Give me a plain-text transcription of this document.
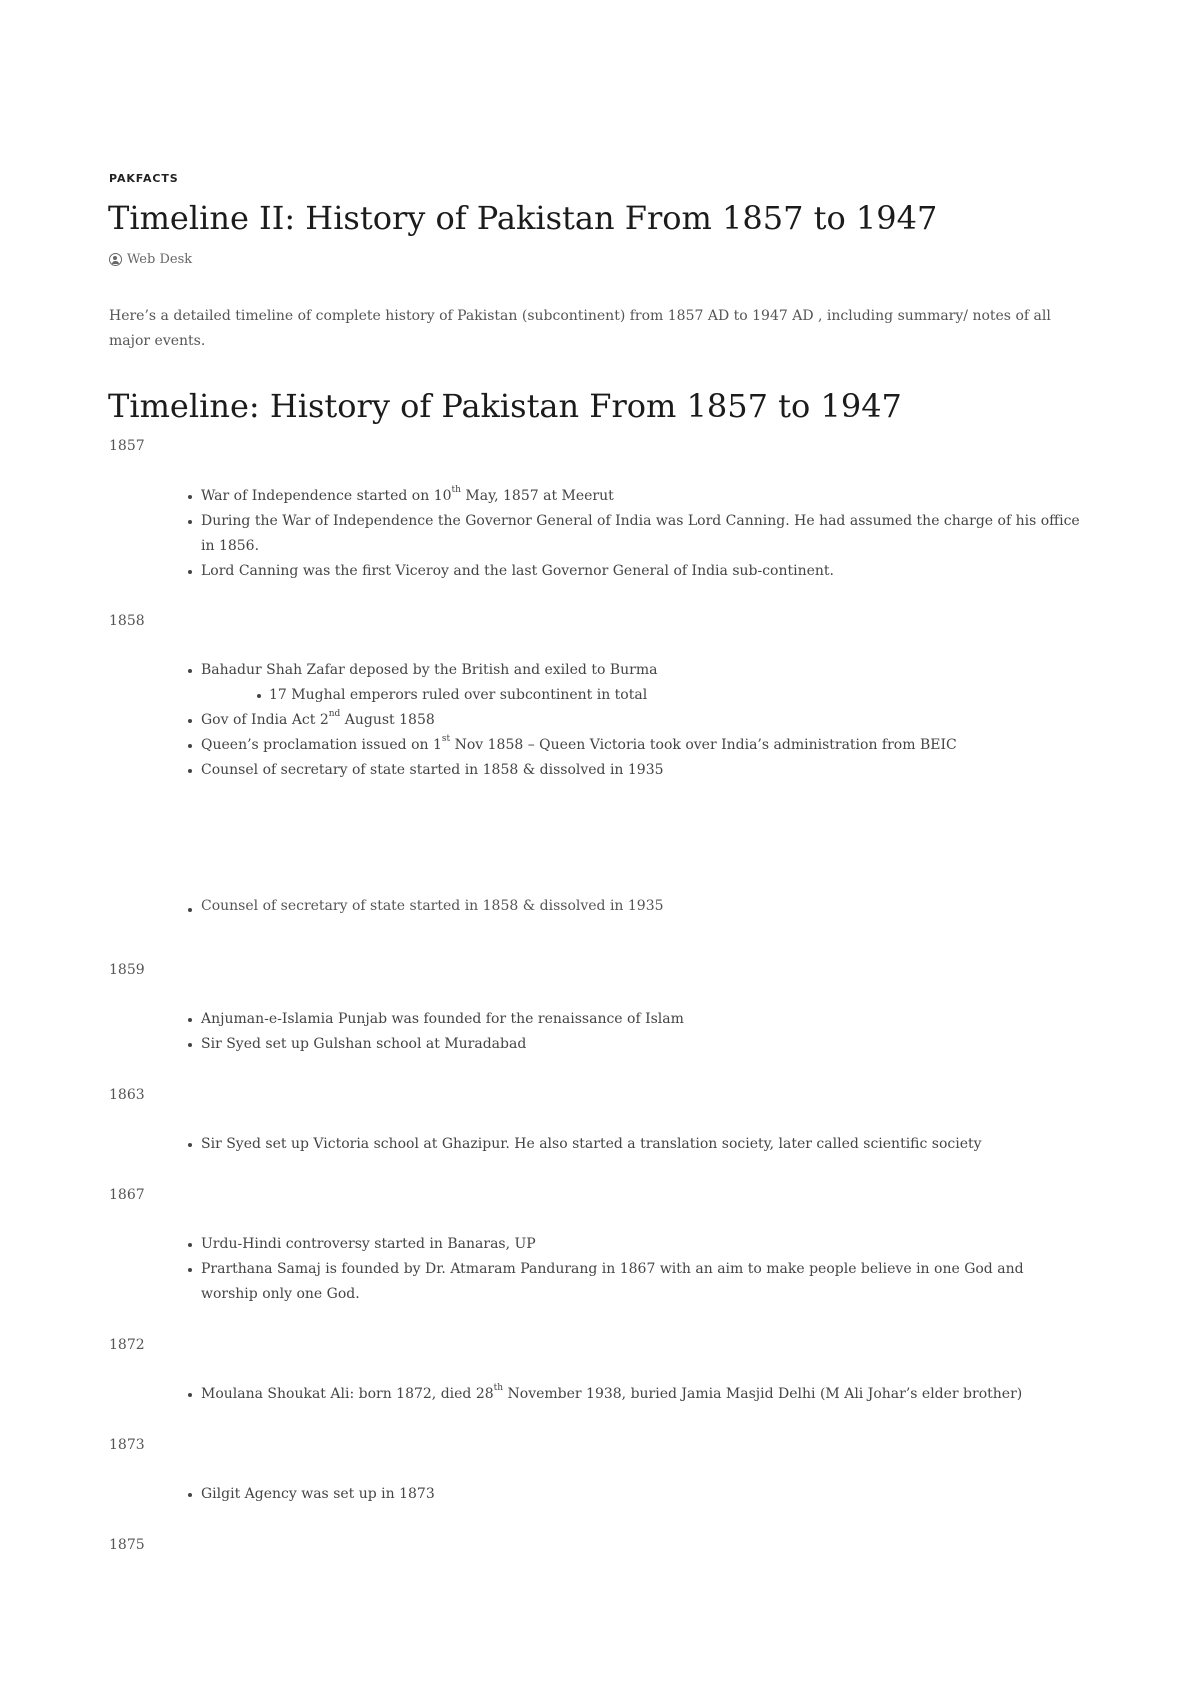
PAKFACTS
Timeline II: History of Pakistan From 1857 to 1947
Web Desk

Here’s a detailed timeline of complete history of Pakistan (subcontinent) from 1857 AD to 1947 AD , including summary/ notes of all major events.

Timeline: History of Pakistan From 1857 to 1947
1857
War of Independence started on 10th May, 1857 at Meerut
During the War of Independence the Governor General of India was Lord Canning. He had assumed the charge of his office in 1856.
Lord Canning was the first Viceroy and the last Governor General of India sub-continent.
1858
Bahadur Shah Zafar deposed by the British and exiled to Burma
17 Mughal emperors ruled over subcontinent in total
Gov of India Act 2nd August 1858
Queen’s proclamation issued on 1st Nov 1858 – Queen Victoria took over India’s administration from BEIC
Counsel of secretary of state started in 1858 & dissolved in 1935
Counsel of secretary of state started in 1858 & dissolved in 1935
1859
Anjuman-e-Islamia Punjab was founded for the renaissance of Islam
Sir Syed set up Gulshan school at Muradabad
1863
Sir Syed set up Victoria school at Ghazipur. He also started a translation society, later called scientific society
1867
Urdu-Hindi controversy started in Banaras, UP
Prarthana Samaj is founded by Dr. Atmaram Pandurang in 1867 with an aim to make people believe in one God and worship only one God.
1872
Moulana Shoukat Ali: born 1872, died 28th November 1938, buried Jamia Masjid Delhi (M Ali Johar’s elder brother)
1873
Gilgit Agency was set up in 1873
1875
